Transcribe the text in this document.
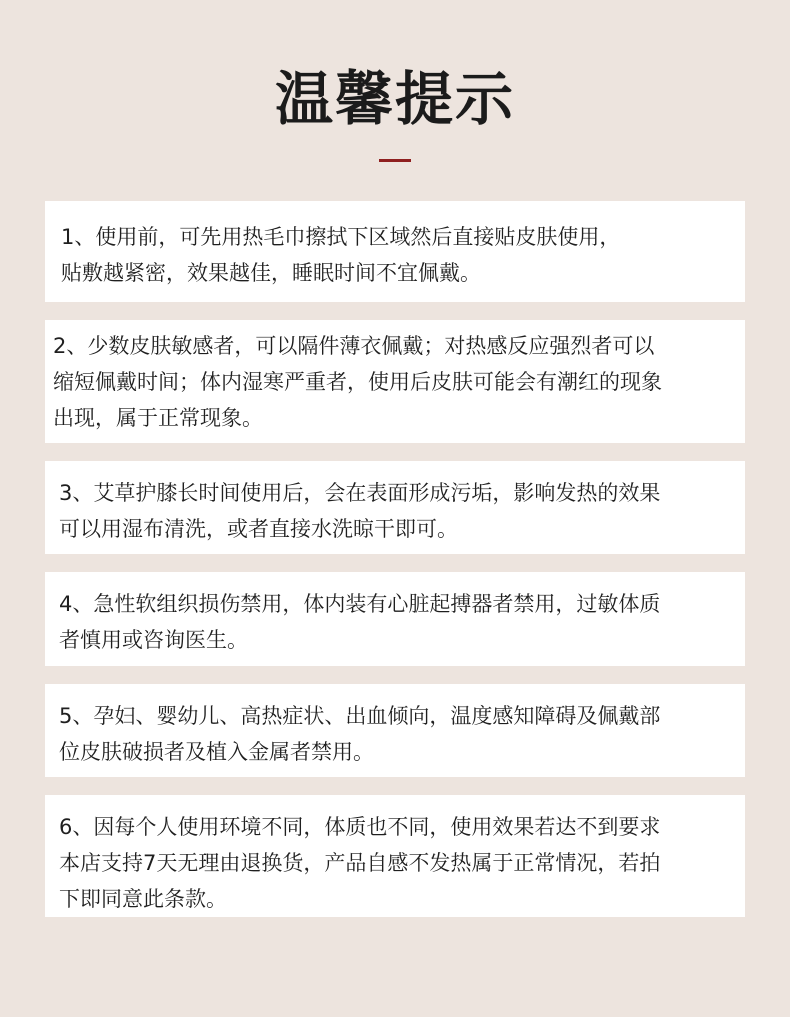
温馨提示

1、使用前，可先用热毛巾擦拭下区域然后直接贴皮肤使用，

贴敷越紧密，效果越佳，睡眠时间不宜佩戴。

2、少数皮肤敏感者，可以隔件薄衣佩戴；对热感反应强烈者可以

缩短佩戴时间；体内湿寒严重者，使用后皮肤可能会有潮红的现象

出现，属于正常现象。

3、艾草护膝长时间使用后，会在表面形成污垢，影响发热的效果

可以用湿布清洗，或者直接水洗晾干即可。

4、急性软组织损伤禁用，体内装有心脏起搏器者禁用，过敏体质

者慎用或咨询医生。

5、孕妇、婴幼儿、高热症状、出血倾向，温度感知障碍及佩戴部

位皮肤破损者及植入金属者禁用。

6、因每个人使用环境不同，体质也不同，使用效果若达不到要求

本店支持7天无理由退换货，产品自感不发热属于正常情况，若拍

下即同意此条款。
